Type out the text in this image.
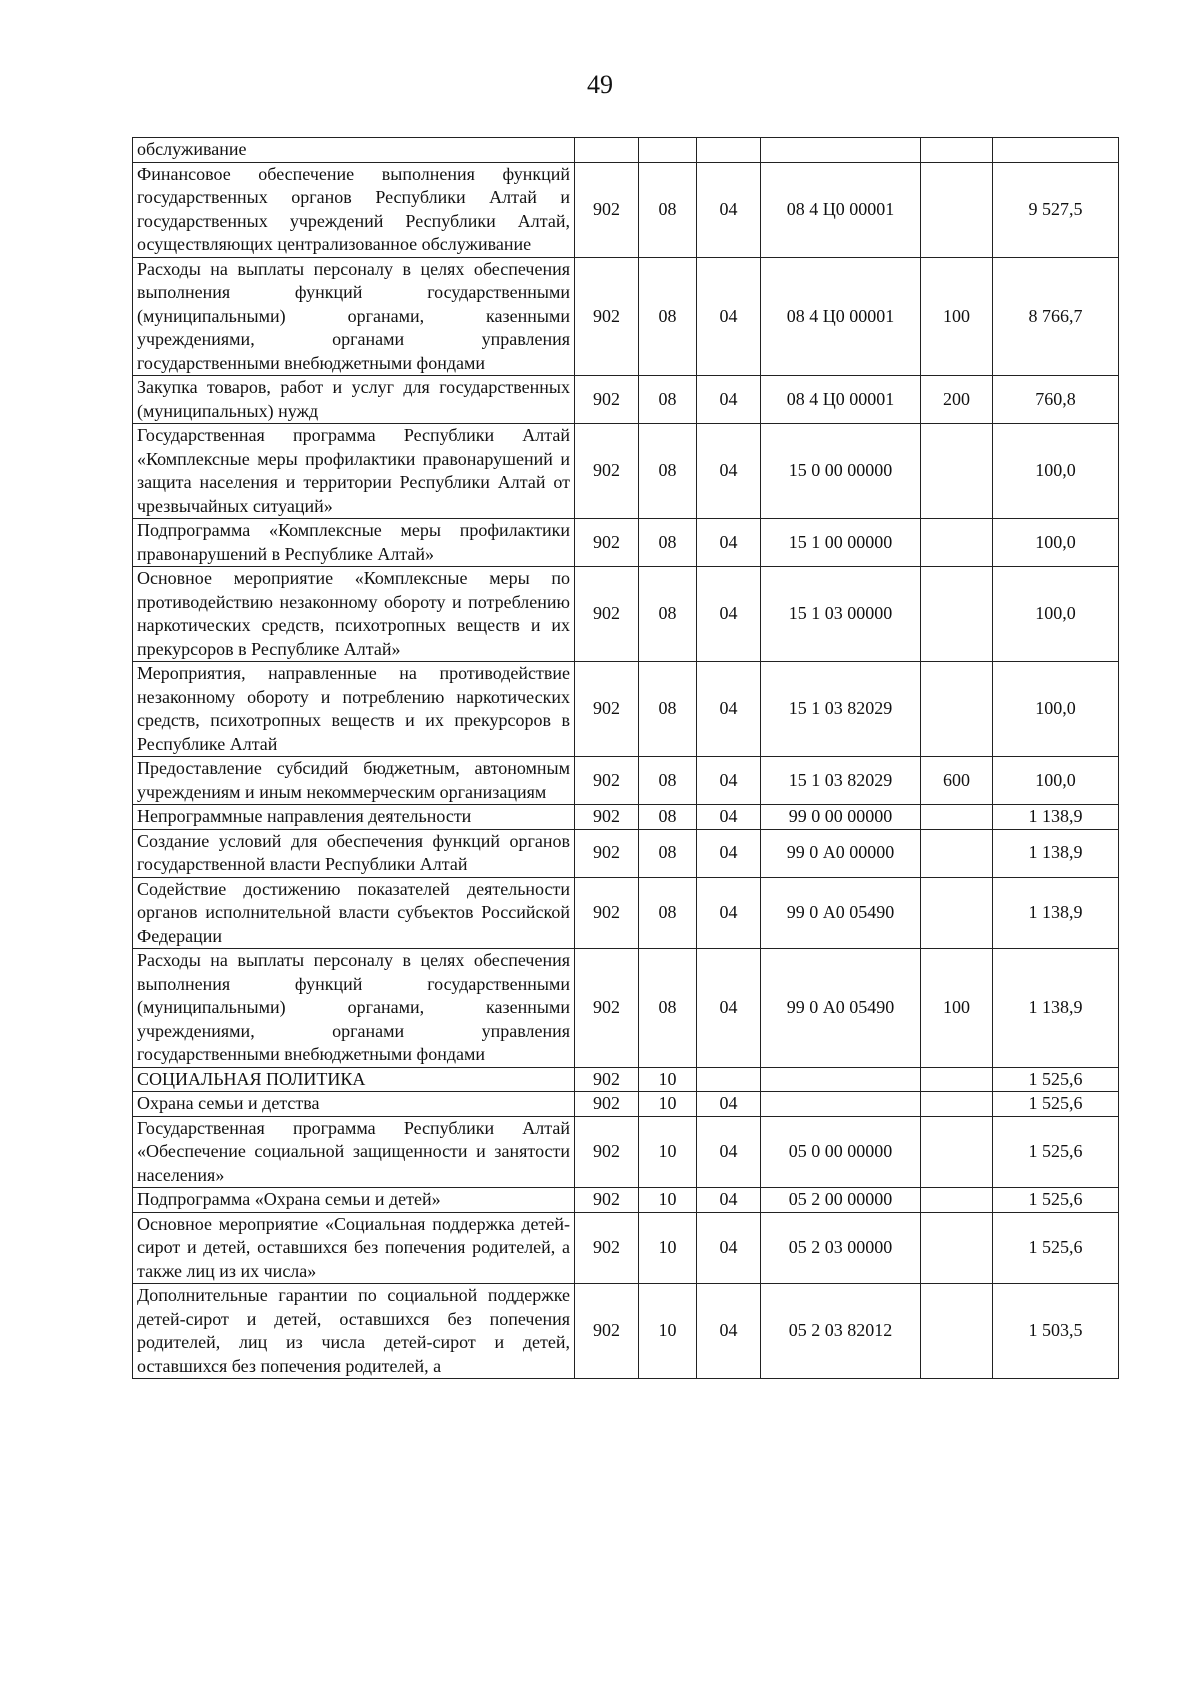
49
обслуживание						
Финансовое обеспечение выполнения функций государственных органов Республики Алтай и государственных учреждений Республики Алтай, осуществляющих централизованное обслуживание	902	08	04	08 4 Ц0 00001		9 527,5
Расходы на выплаты персоналу в целях обеспечения выполнения функций государственными (муниципальными) органами, казенными учреждениями, органами управления государственными внебюджетными фондами	902	08	04	08 4 Ц0 00001	100	8 766,7
Закупка товаров, работ и услуг для государственных (муниципальных) нужд	902	08	04	08 4 Ц0 00001	200	760,8
Государственная программа Республики Алтай «Комплексные меры профилактики правонарушений и защита населения и территории Республики Алтай от чрезвычайных ситуаций»	902	08	04	15 0 00 00000		100,0
Подпрограмма «Комплексные меры профилактики правонарушений в Республике Алтай»	902	08	04	15 1 00 00000		100,0
Основное мероприятие «Комплексные меры по противодействию незаконному обороту и потреблению наркотических средств, психотропных веществ и их прекурсоров в Республике Алтай»	902	08	04	15 1 03 00000		100,0
Мероприятия, направленные на противодействие незаконному обороту и потреблению наркотических средств, психотропных веществ и их прекурсоров в Республике Алтай	902	08	04	15 1 03 82029		100,0
Предоставление субсидий бюджетным, автономным учреждениям и иным некоммерческим организациям	902	08	04	15 1 03 82029	600	100,0
Непрограммные направления деятельности	902	08	04	99 0 00 00000		1 138,9
Создание условий для обеспечения функций органов государственной власти Республики Алтай	902	08	04	99 0 А0 00000		1 138,9
Содействие достижению показателей деятельности органов исполнительной власти субъектов Российской Федерации	902	08	04	99 0 А0 05490		1 138,9
Расходы на выплаты персоналу в целях обеспечения выполнения функций государственными (муниципальными) органами, казенными учреждениями, органами управления государственными внебюджетными фондами	902	08	04	99 0 А0 05490	100	1 138,9
СОЦИАЛЬНАЯ ПОЛИТИКА	902	10				1 525,6
Охрана семьи и детства	902	10	04			1 525,6
Государственная программа Республики Алтай «Обеспечение социальной защищенности и занятости населения»	902	10	04	05 0 00 00000		1 525,6
Подпрограмма «Охрана семьи и детей»	902	10	04	05 2 00 00000		1 525,6
Основное мероприятие «Социальная поддержка детей-сирот и детей, оставшихся без попечения родителей, а также лиц из их числа»	902	10	04	05 2 03 00000		1 525,6
Дополнительные гарантии по социальной поддержке детей-сирот и детей, оставшихся без попечения родителей, лиц из числа детей-сирот и детей, оставшихся без попечения родителей, а	902	10	04	05 2 03 82012		1 503,5
